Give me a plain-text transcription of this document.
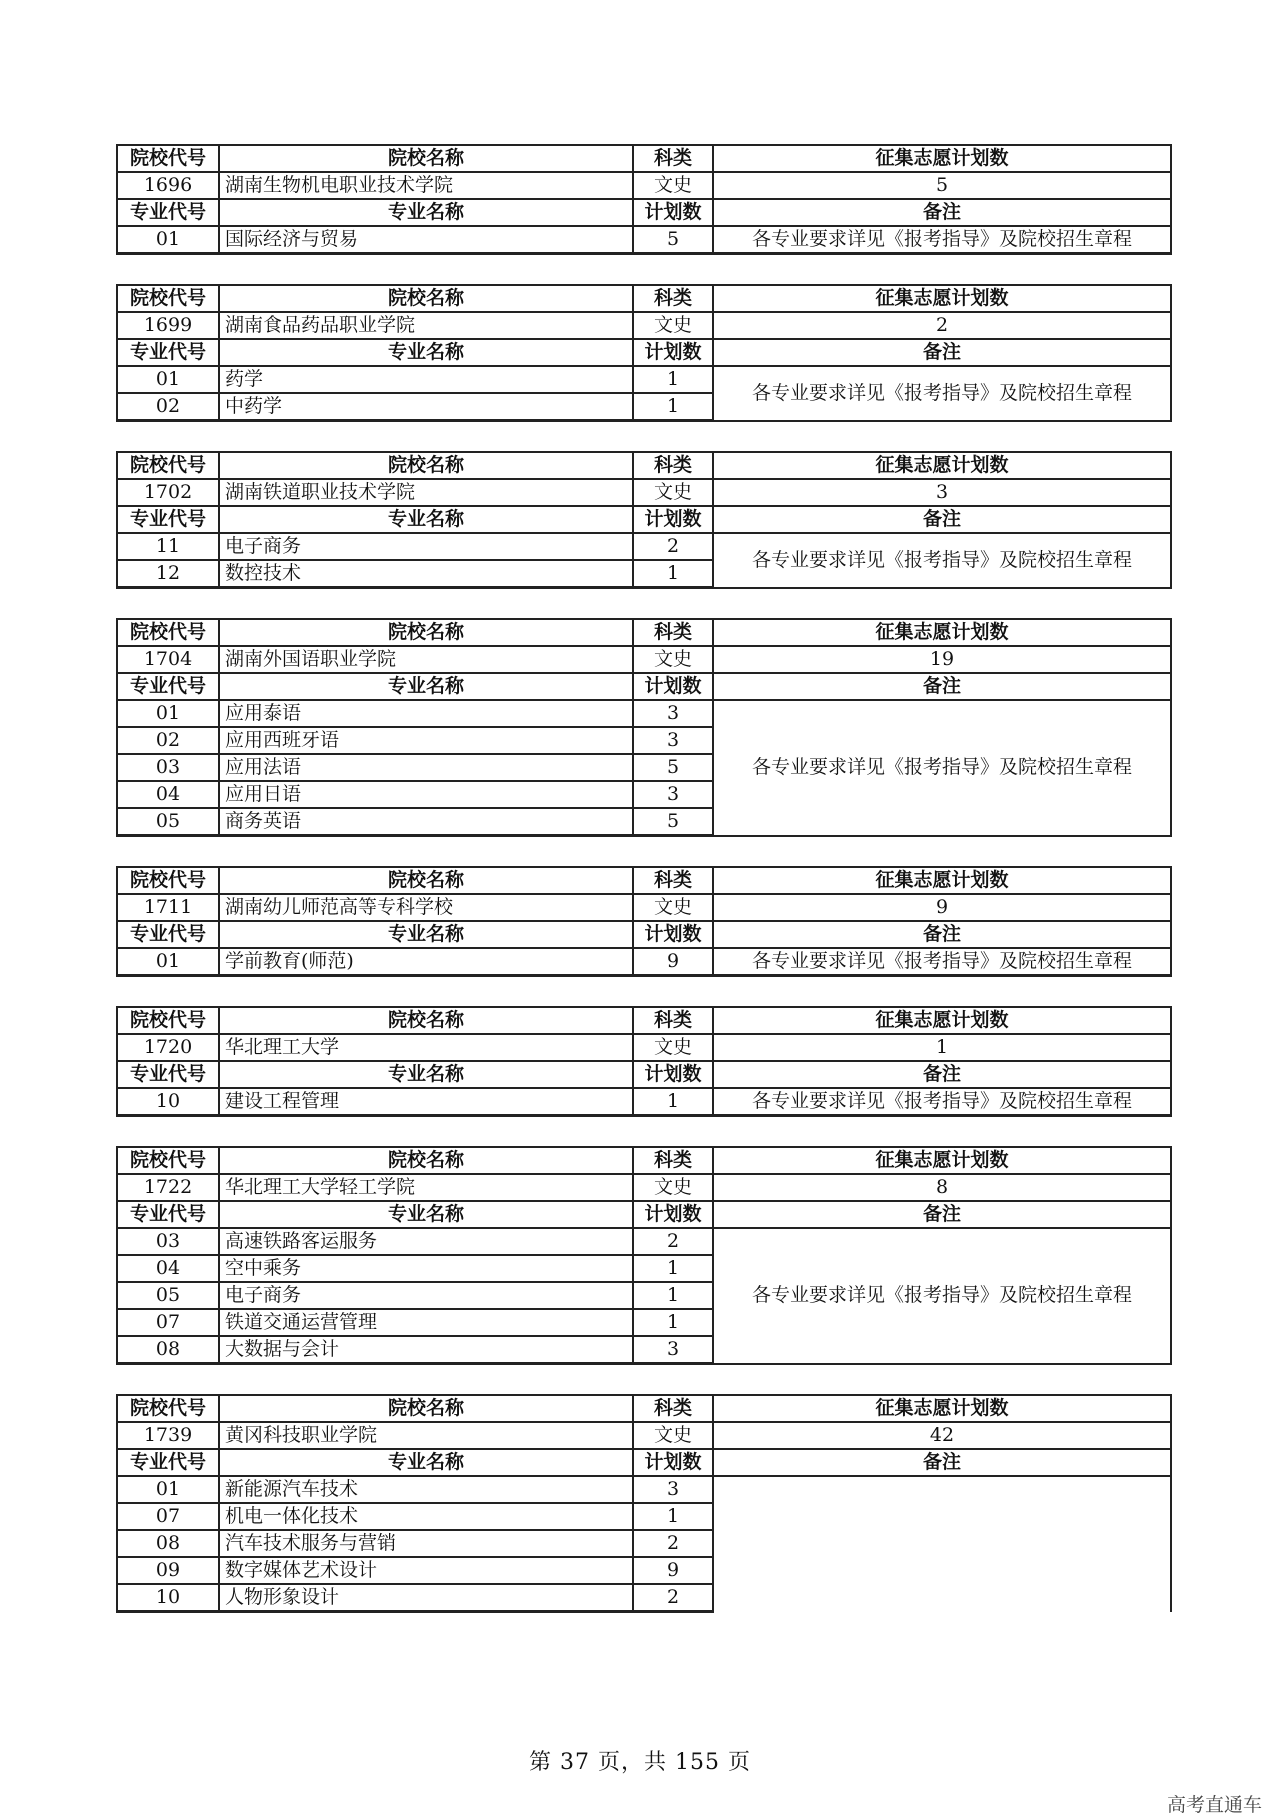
院校代号	院校名称	科类	征集志愿计划数
1696	湖南生物机电职业技术学院	文史	5
专业代号	专业名称	计划数	备注
01	国际经济与贸易	5	各专业要求详见《报考指导》及院校招生章程
院校代号	院校名称	科类	征集志愿计划数
1699	湖南食品药品职业学院	文史	2
专业代号	专业名称	计划数	备注
01	药学	1	各专业要求详见《报考指导》及院校招生章程
02	中药学	1	
院校代号	院校名称	科类	征集志愿计划数
1702	湖南铁道职业技术学院	文史	3
专业代号	专业名称	计划数	备注
11	电子商务	2	各专业要求详见《报考指导》及院校招生章程
12	数控技术	1	
院校代号	院校名称	科类	征集志愿计划数
1704	湖南外国语职业学院	文史	19
专业代号	专业名称	计划数	备注
01	应用泰语	3	各专业要求详见《报考指导》及院校招生章程
02	应用西班牙语	3	
03	应用法语	5	
04	应用日语	3	
05	商务英语	5	
院校代号	院校名称	科类	征集志愿计划数
1711	湖南幼儿师范高等专科学校	文史	9
专业代号	专业名称	计划数	备注
01	学前教育(师范)	9	各专业要求详见《报考指导》及院校招生章程
院校代号	院校名称	科类	征集志愿计划数
1720	华北理工大学	文史	1
专业代号	专业名称	计划数	备注
10	建设工程管理	1	各专业要求详见《报考指导》及院校招生章程
院校代号	院校名称	科类	征集志愿计划数
1722	华北理工大学轻工学院	文史	8
专业代号	专业名称	计划数	备注
03	高速铁路客运服务	2	各专业要求详见《报考指导》及院校招生章程
04	空中乘务	1	
05	电子商务	1	
07	铁道交通运营管理	1	
08	大数据与会计	3	
院校代号	院校名称	科类	征集志愿计划数
1739	黄冈科技职业学院	文史	42
专业代号	专业名称	计划数	备注
01	新能源汽车技术	3	
07	机电一体化技术	1	
08	汽车技术服务与营销	2	
09	数字媒体艺术设计	9	
10	人物形象设计	2	
第 37 页，共 155 页
高考直通车
